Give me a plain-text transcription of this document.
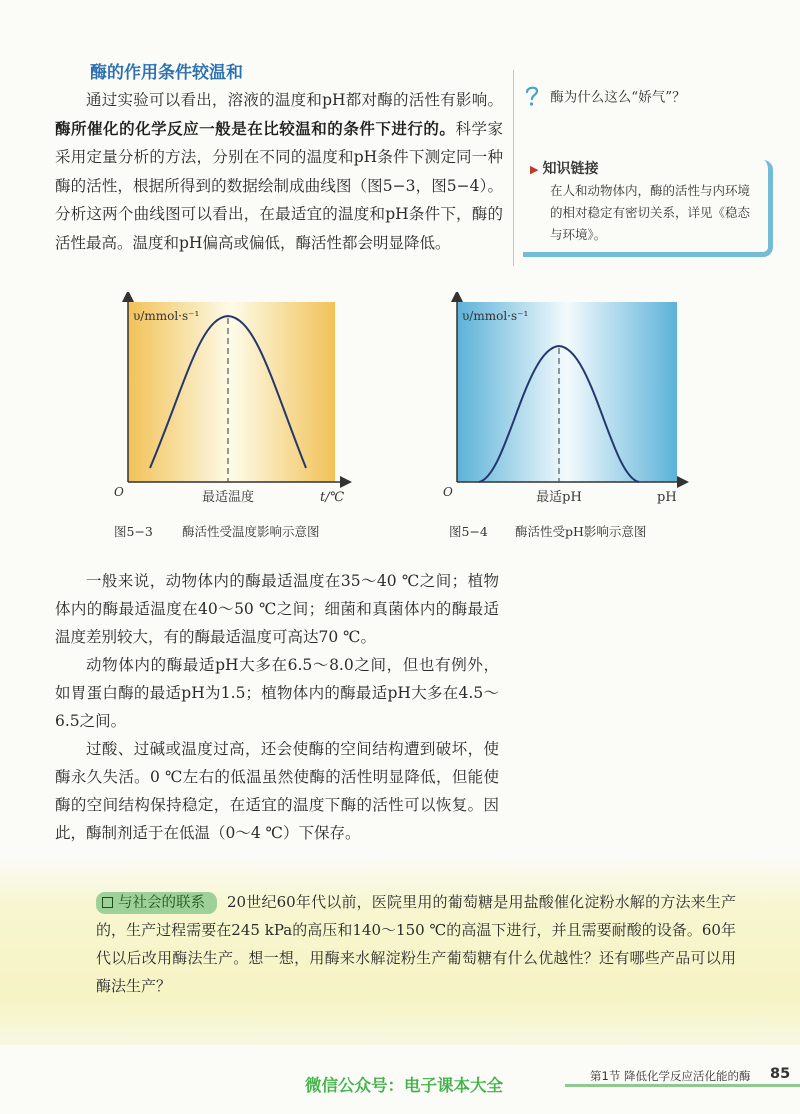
酶的作用条件较温和

通过实验可以看出，溶液的温度和pH都对酶的活性有影响。酶所催化的化学反应一般是在比较温和的条件下进行的。科学家采用定量分析的方法，分别在不同的温度和pH条件下测定同一种酶的活性，根据所得到的数据绘制成曲线图（图5−3，图5−4）。分析这两个曲线图可以看出，在最适宜的温度和pH条件下，酶的活性最高。温度和pH偏高或偏低，酶活性都会明显降低。

酶为什么这么“娇气”？
▶ 知识链接
在人和动物体内，酶的活性与内环境的相对稳定有密切关系，详见《稳态与环境》。
υ/mmol·s⁻¹
O	最适温度	t/℃
图5−3 酶活性受温度影响示意图
υ/mmol·s⁻¹
O	最适pH	pH
图5−4 酶活性受pH影响示意图

一般来说，动物体内的酶最适温度在35～40 ℃之间；植物体内的酶最适温度在40～50 ℃之间；细菌和真菌体内的酶最适温度差别较大，有的酶最适温度可高达70 ℃。

动物体内的酶最适pH大多在6.5～8.0之间，但也有例外，如胃蛋白酶的最适pH为1.5；植物体内的酶最适pH大多在4.5～6.5之间。

过酸、过碱或温度过高，还会使酶的空间结构遭到破坏，使酶永久失活。0 ℃左右的低温虽然使酶的活性明显降低，但能使酶的空间结构保持稳定，在适宜的温度下酶的活性可以恢复。因此，酶制剂适于在低温（0～4 ℃）下保存。

与社会的联系 20世纪60年代以前，医院里用的葡萄糖是用盐酸催化淀粉水解的方法来生产的，生产过程需要在245 kPa的高压和140～150 ℃的高温下进行，并且需要耐酸的设备。60年代以后改用酶法生产。想一想，用酶来水解淀粉生产葡萄糖有什么优越性？还有哪些产品可以用酶法生产？
微信公众号：电子课本大全	第1节 降低化学反应活化能的酶 85
